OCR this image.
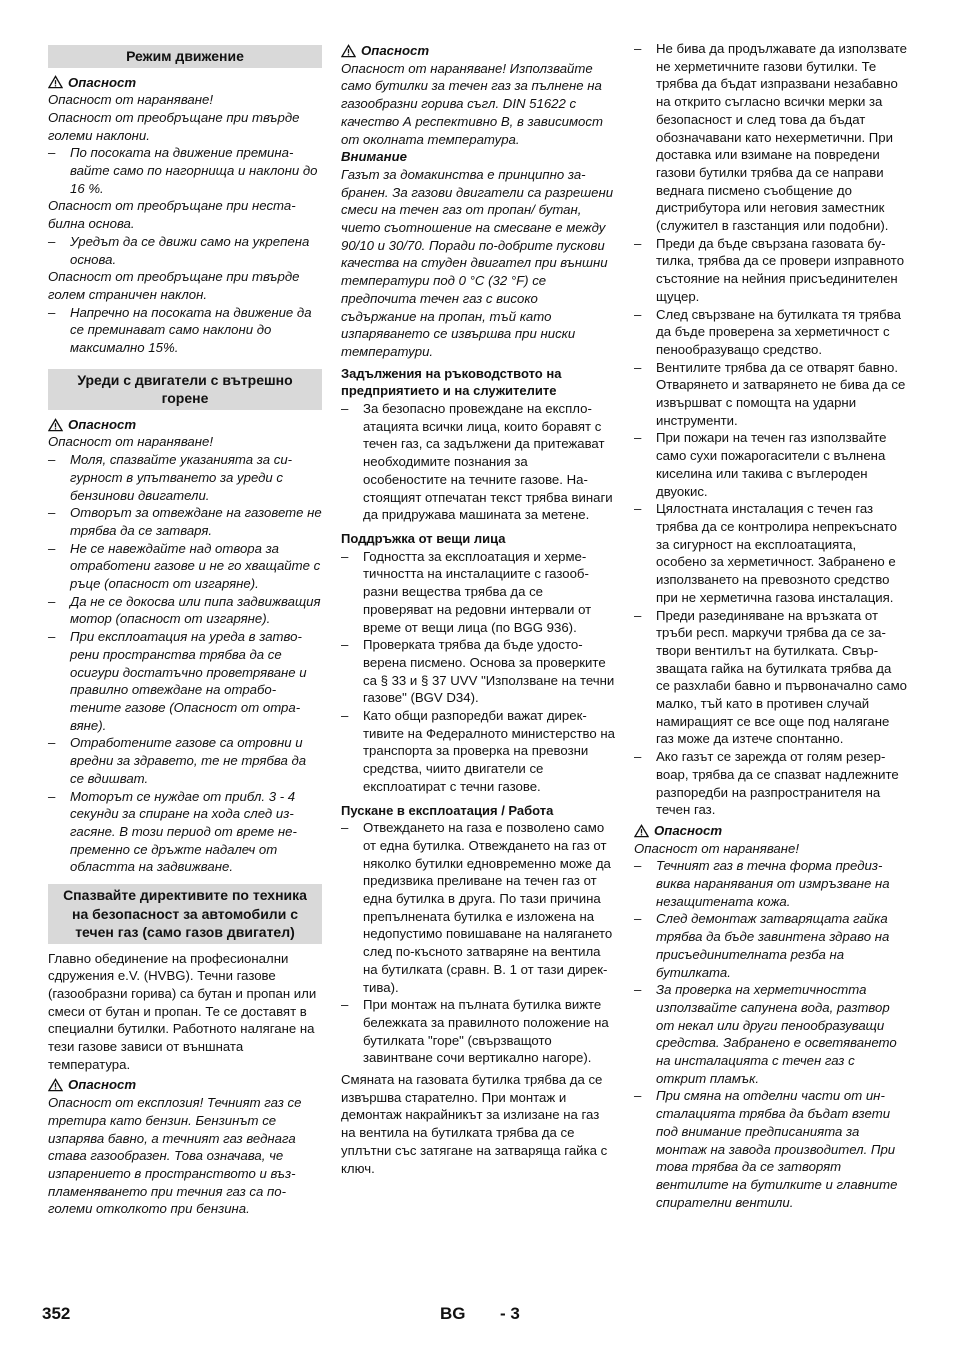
Режим движение
Опасност

Опасност от нараняване!

Опасност от преобръщане при твърде големи наклони.

–	По посоката на движение преминавайте само по нагорнища и наклони до 16 %.

Опасност от преобръщане при нестабилна основа.

–	Уредът да се движи само на укрепена основа.

Опасност от преобръщане при твърде голем страничен наклон.

–	Напречно на посоката на движение да се преминават само наклони до максимално 15%.
Уреди с двигатели с вътрешно горене
Опасност

Опасност от нараняване!

–	Моля, спазвайте указанията за сигурност в упътването за уреди с бензинови двигатели.
–	Отворът за отвеждане на газовете не трябва да се затваря.
–	Не се навеждайте над отвора за отработени газове и не го хващайте с ръце (опасност от изгаряне).
–	Да не се докосва или пипа задвижващия мотор (опасност от изгаряне).
–	При експлоатация на уреда в затворени пространства трябва да се осигури достатъчно проветряване и правилно отвеждане на отработените газове (Опасност от отравяне).
–	Отработените газове са отровни и вредни за здравето, те не трябва да се вдишват.
–	Моторът се нуждае от прибл. 3 - 4 секунди за спиране на хода след изгасяне. В този период от време непременно се дръжте надалеч от областта на задвижване.
Спазвайте директивите по техника на безопасност за автомобили с течен газ (само газов двигател)

Главно обединение на професионални сдружения e.V. (HVBG). Течни газове (газообразни горива) са бутан и пропан или смеси от бутан и пропан. Те се доставят в специални бутилки. Работното налягане на тези газове зависи от външната температура.

Опасност

Опасност от експлозия! Течният газ се третира като бензин. Бензинът се изпарява бавно, а течният газ веднага става газообразен. Това означава, че изпарението в пространството и възпламеняването при течния газ са поголеми отколкото при бензина.

Опасност

Опасност от нараняване! Използвайте само бутилки за течен газ за пълнене на газообразни горива съгл. DIN 51622 с качество А респективно В, в зависимост от околната температура.

Внимание

Газът за домакинства е принципно забранен. За газови двигатели са разрешени смеси на течен газ от пропан/ бутан, чието съотношение на смесване е между 90/10 и 30/70. Поради по-добрите пускови качества на студен двигател при външни температури под 0 °C (32 °F) се предпочита течен газ с високо съдържание на пропан, тъй като изпаряването се извършва при ниски температури.

Задължения на ръководството на предприятието и на служителите
–	За безопасно провеждане на експлоатацията всички лица, които боравят с течен газ, са задължени да притежават необходимите познания за особеностите на течните газове. Настоящият отпечатан текст трябва винаги да придружава машината за метене.
Поддръжка от вещи лица
–	Годността за експлоатация и херметичността на инсталациите с газообразни вещества трябва да се проверяват на редовни интервали от време от вещи лица (по BGG 936).
–	Проверката трябва да бъде удостоверена писмено. Основа за проверките са § 33 и § 37 UVV "Използване на течни газове" (BGV D34).
–	Като общи разпоредби важат директивите на Федералното министерство на транспорта за проверка на превозни средства, чиито двигатели се експлоатират с течни газове.
Пускане в експлоатация / Работа
–	Отвеждането на газа е позволено само от една бутилка. Отвеждането на газ от няколко бутилки едновременно може да предизвика преливане на течен газ от една бутилка в друга. По тази причина препълнената бутилка е изложена на недопустимо повишаване на налягането след по-късното затваряне на вентила на бутилката (сравн. В. 1 от тази директива).
–	При монтаж на пълната бутилка вижте бележката за правилното положение на бутилката "горе" (свързващото завинтване сочи вертикално нагоре).

Смяната на газовата бутилка трябва да се извършва старателно. При монтаж и демонтаж накрайникът за излизане на газ на вентила на бутилката трябва да се уплътни със затягане на затваряща гайка с ключ.

–	Не бива да продължавате да използвате не херметичните газови бутилки. Те трябва да бъдат изпразвани незабавно на открито съгласно всички мерки за безопасност и след това да бъдат обозначавани като нехерметични. При доставка или взимане на повредени газови бутилки трябва да се направи веднага писмено съобщение до дистрибутора или неговия заместник (служител в газстанция или подобни).
–	Преди да бъде свързана газовата бутилка, трябва да се провери изправното състояние на нейния присъединителен щуцер.
–	След свързване на бутилката тя трябва да бъде проверена за херметичност с пенообразуващо средство.
–	Вентилите трябва да се отварят бавно. Отварянето и затварянето не бива да се извършват с помощта на ударни инструменти.
–	При пожари на течен газ използвайте само сухи пожарогасители с вълнена киселина или такива с въглероден двуокис.
–	Цялостната инсталация с течен газ трябва да се контролира непрекъснато за сигурност на експлоатацията, особено за херметичност. Забранено е използването на превозното средство при не херметична газова инсталация.
–	Преди разединяване на връзката от тръби респ. маркучи трябва да се затвори вентилът на бутилката. Свързващата гайка на бутилката трябва да се разхлаби бавно и първоначално само малко, тъй като в противен случай намиращият се все още под налягане газ може да изтече спонтанно.
–	Ако газът се зарежда от голям резервоар, трябва да се спазват надлежните разпоредби на разпространителя на течен газ.
Опасност

Опасност от нараняване!

–	Течният газ в течна форма предизвиква наранявания от измръзване на незащитената кожа.
–	След демонтаж затварящата гайка трябва да бъде завинтена здраво на присъединителната резба на бутилката.
–	За проверка на херметичността използвайте сапунена вода, разтвор от некал или други пенообразуващи средства. Забранено е осветяването на инсталацията с течен газ с открит пламък.
–	При смяна на отделни части от инсталацията трябва да бъдат взети под внимание предписанията за монтаж на завода производител. При това трябва да се затворят вентилите на бутилките и главните спирателни вентили.
352	BG - 3
